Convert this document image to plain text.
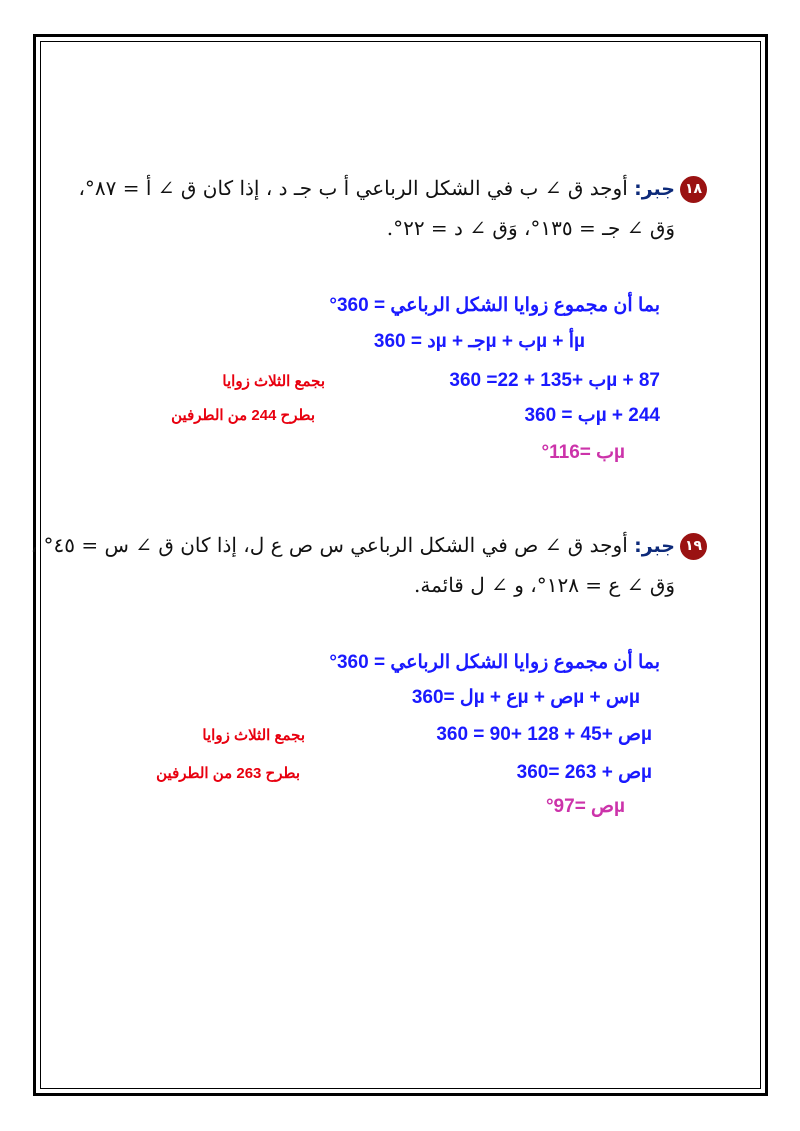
١٨
جبر: أوجد ق ∠ ب في الشكل الرباعي أ ب جـ د ، إذا كان ق ∠ أ = ٨٧°،
وَق ∠ جـ = ١٣٥°، وَق ∠ د = ٢٢°.
بما أن مجموع زوايا الشكل الرباعي = 360°
µأ + µب + µجـ + µد = 360
87 + µب +135 + 22= 360
بجمع الثلاث زوايا
244 + µب = 360
بطرح 244 من الطرفين
µب =116°
١٩
جبر: أوجد ق ∠ ص في الشكل الرباعي س ص ع ل، إذا كان ق ∠ س = ٤٥° ،
وَق ∠ ع = ١٢٨°، و ∠ ل قائمة.
بما أن مجموع زوايا الشكل الرباعي = 360°
µس + µص + µع + µل =360
µص +45 + 128 +90 = 360
بجمع الثلاث زوايا
µص + 263 =360
بطرح 263 من الطرفين
µص =97°
